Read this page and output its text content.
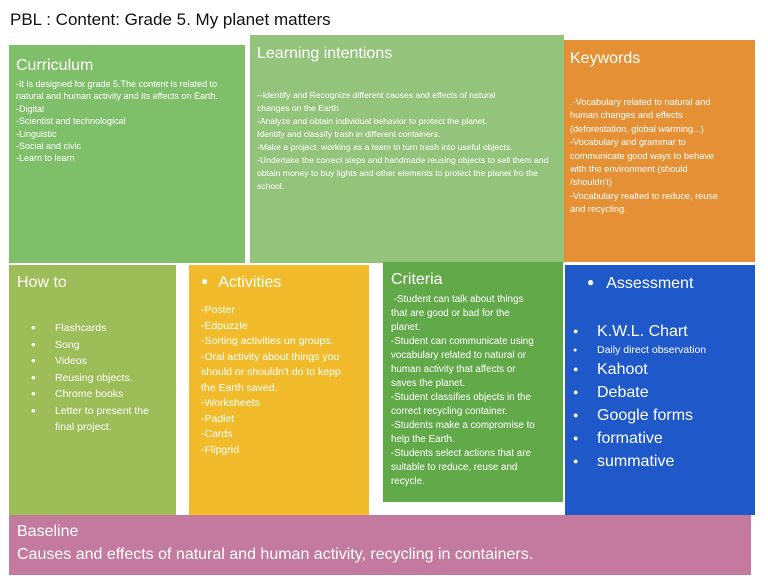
PBL : Content: Grade 5. My planet matters
Curriculum
-It is designed for grade 5.The content is related to
natural and human activity and its effects on Earth.
-Digital
-Scientist and technological
-Linguistic
-Social and civic
-Learn to learn
Learning intentions
--Identify and Recognize different causes and effects of natural
changes on the Earth
-Analyze and obtain individual behavior to protect the planet.
Identify and classify trash in different containers.
-Make a project, working as a team to turn trash into useful objects.
-Undertake the correct steps and handmade reusing objects to sell them and
obtain money to buy lights and other elements to protect the planet fro the
school.
Keywords
.-Vocabulary related to natural and
human changes and effects
(deforestation, global warming...)
-Vocabulary and grammar to
communicate good ways to behave
with the environment (should
/shouldn't)
-Vocabulary realted to reduce, reuse
and recycling.
How to
● Flashcards
● Song
● Videos
● Reusing objects.
● Chrome books
● Letter to present the
final project.
● Activities
-Poster
-Edpuzzle
-Sorting activities un groups.
-Oral activity about things you
should or shouldn't do to kepp
the Earth saved.
-Worksheets
-Padlet
-Cards
-Flipgrid
Criteria
-Student can talk about things
that are good or bad for the
planet.
-Student can communicate using
vocabulary related to natural or
human activity that affects or
saves the planet.
-Student classifies objects in the
correct recycling container.
-Students make a compromise to
help the Earth.
-Students select actions that are
suitable to reduce, reuse and
recycle.
● Assessment
● K.W.L. Chart
● Daily direct observation
● Kahoot
● Debate
● Google forms
● formative
● summative
Baseline
Causes and effects of natural and human activity, recycling in containers.
